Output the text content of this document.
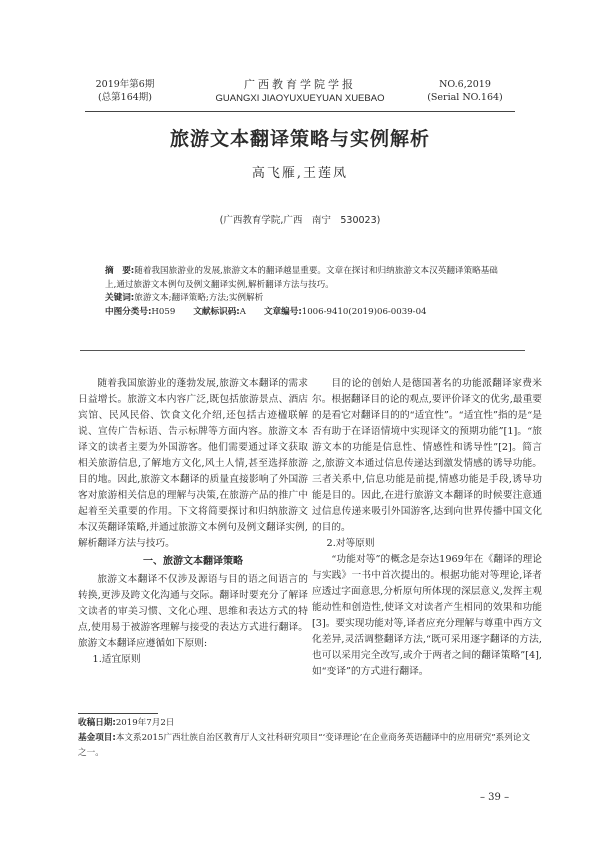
2019年第6期
(总第164期)
广西教育学院学报
GUANGXI JIAOYUXUEYUAN XUEBAO
NO.6,2019
(Serial NO.164)
旅游文本翻译策略与实例解析
高飞雁,王莲凤
(广西教育学院,广西　南宁　530023)

摘　要:随着我国旅游业的发展,旅游文本的翻译越显重要。文章在探讨和归纳旅游文本汉英翻译策略基础上,通过旅游文本例句及例文翻译实例,解析翻译方法与技巧。

关键词:旅游文本;翻译策略;方法;实例解析

中图分类号:H059 文献标识码:A 文章编号:1006-9410(2019)06-0039-04

随着我国旅游业的蓬勃发展,旅游文本翻译的需求日益增长。旅游文本内容广泛,既包括旅游景点、酒店宾馆、民风民俗、饮食文化介绍,还包括古迹楹联解说、宣传广告标语、告示标牌等方面内容。旅游文本译文的读者主要为外国游客。他们需要通过译文获取相关旅游信息,了解地方文化,风土人情,甚至选择旅游目的地。因此,旅游文本翻译的质量直接影响了外国游客对旅游相关信息的理解与决策,在旅游产品的推广中起着至关重要的作用。下文将简要探讨和归纳旅游文本汉英翻译策略,并通过旅游文本例句及例文翻译实例,解析翻译方法与技巧。

一、旅游文本翻译策略

旅游文本翻译不仅涉及源语与目的语之间语言的转换,更涉及跨文化沟通与交际。翻译时要充分了解译文读者的审美习惯、文化心理、思维和表达方式的特点,使用易于被游客理解与接受的表达方式进行翻译。旅游文本翻译应遵循如下原则:

1.适宜原则

目的论的创始人是德国著名的功能派翻译家费米尔。根据翻译目的论的观点,要评价译文的优劣,最重要的是看它对翻译目的的“适宜性”。“适宜性”指的是“是否有助于在译语情境中实现译文的预期功能”[1]。“旅游文本的功能是信息性、情感性和诱导性”[2]。简言之,旅游文本通过信息传递达到激发情感的诱导功能。三者关系中,信息功能是前提,情感功能是手段,诱导功能是目的。因此,在进行旅游文本翻译的时候要注意通过信息传递来吸引外国游客,达到向世界传播中国文化的目的。

2.对等原则

“功能对等”的概念是奈达1969年在《翻译的理论与实践》一书中首次提出的。根据功能对等理论,译者应透过字面意思,分析原句所体现的深层意义,发挥主观能动性和创造性,使译文对读者产生相同的效果和功能[3]。要实现功能对等,译者应充分理解与尊重中西方文化差异,灵活调整翻译方法,“既可采用逐字翻译的方法,也可以采用完全改写,或介于两者之间的翻译策略”[4],如“变译”的方式进行翻译。

收稿日期:2019年7月2日
基金项目:本文系2015广西壮族自治区教育厅人文社科研究项目“‘变译理论’在企业商务英语翻译中的应用研究”系列论文之一。
– 39 –
